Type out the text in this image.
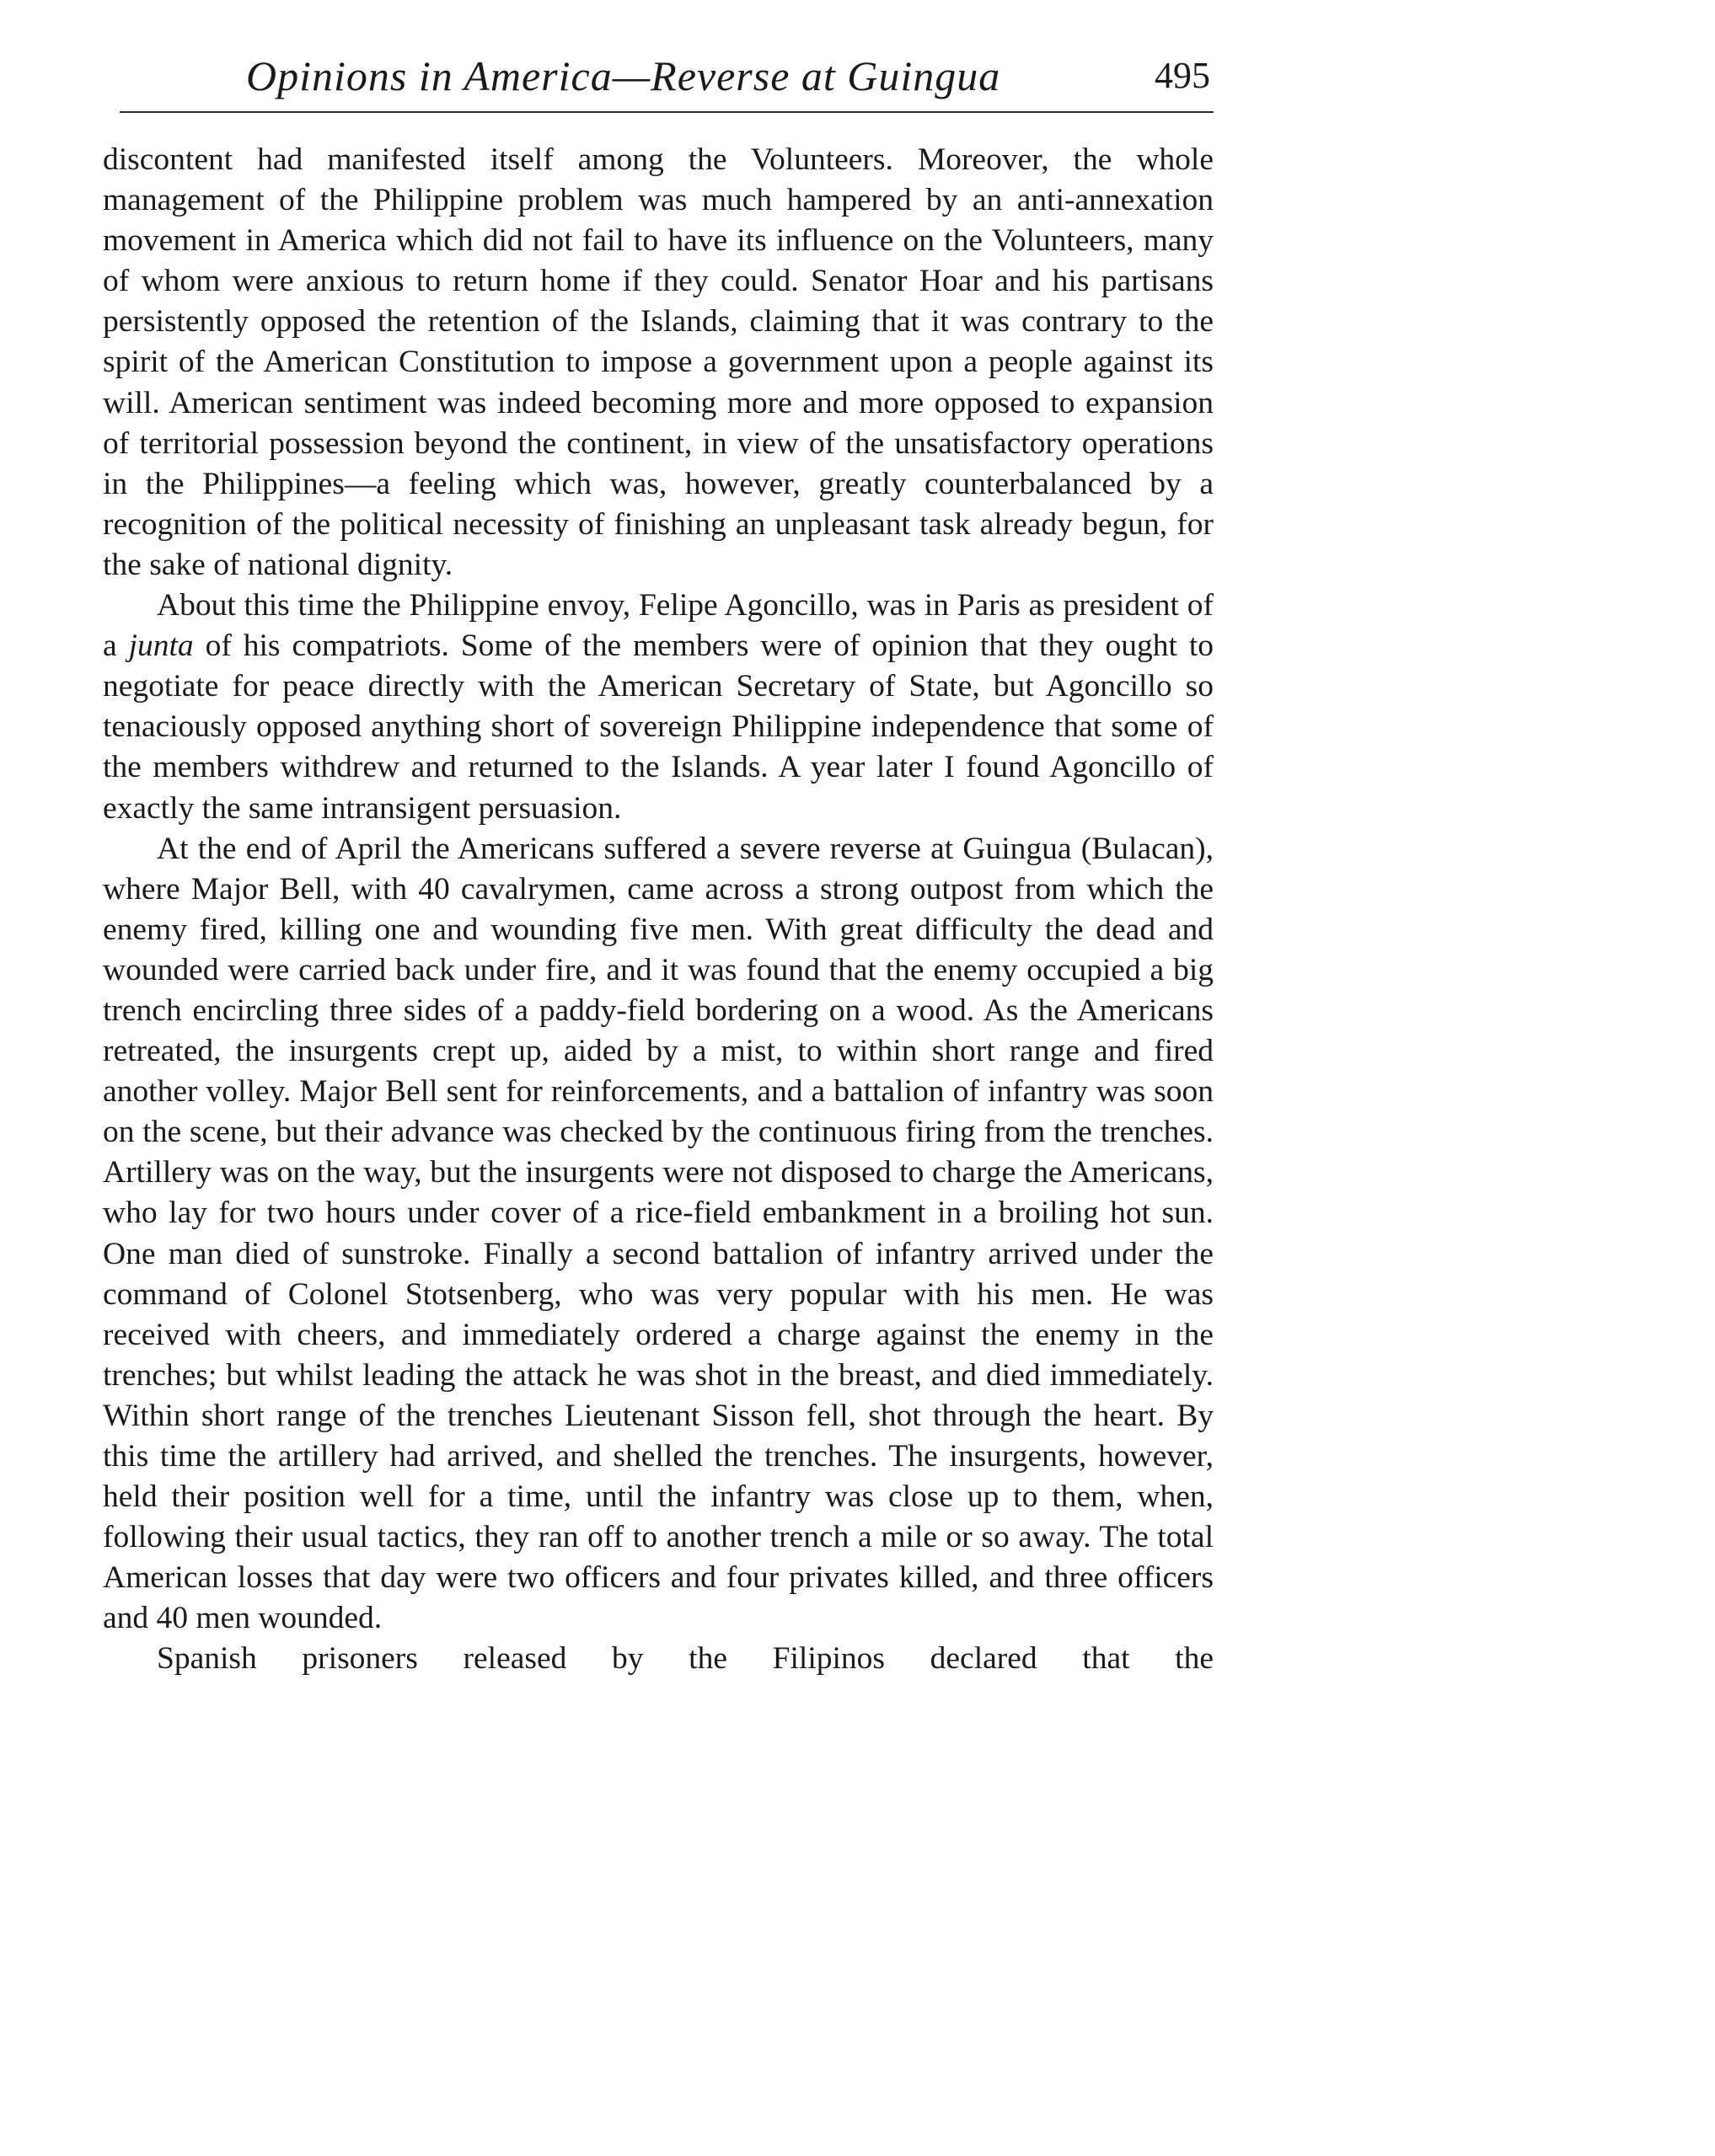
Opinions in America—Reverse at Guingua	495

discontent had manifested itself among the Volunteers. Moreover, the whole management of the Philippine problem was much hampered by an anti-annexation movement in America which did not fail to have its influence on the Volunteers, many of whom were anxious to return home if they could. Senator Hoar and his partisans persistently opposed the retention of the Islands, claiming that it was contrary to the spirit of the American Constitution to impose a government upon a people against its will. American sentiment was indeed becoming more and more opposed to expansion of territorial possession beyond the continent, in view of the unsatisfactory operations in the Philippines—a feeling which was, however, greatly counterbalanced by a recognition of the political necessity of finishing an unpleasant task already begun, for the sake of national dignity.

About this time the Philippine envoy, Felipe Agoncillo, was in Paris as president of a junta of his compatriots. Some of the members were of opinion that they ought to negotiate for peace directly with the American Secretary of State, but Agoncillo so tenaciously opposed anything short of sovereign Philippine independence that some of the members withdrew and returned to the Islands. A year later I found Agoncillo of exactly the same intransigent persuasion.

At the end of April the Americans suffered a severe reverse at Guingua (Bulacan), where Major Bell, with 40 cavalrymen, came across a strong outpost from which the enemy fired, killing one and wounding five men. With great difficulty the dead and wounded were carried back under fire, and it was found that the enemy occupied a big trench encircling three sides of a paddy-field bordering on a wood. As the Americans retreated, the insurgents crept up, aided by a mist, to within short range and fired another volley. Major Bell sent for reinforcements, and a battalion of infantry was soon on the scene, but their advance was checked by the continuous firing from the trenches. Artillery was on the way, but the insurgents were not disposed to charge the Americans, who lay for two hours under cover of a rice-field embankment in a broiling hot sun. One man died of sunstroke. Finally a second battalion of infantry arrived under the command of Colonel Stotsenberg, who was very popular with his men. He was received with cheers, and immediately ordered a charge against the enemy in the trenches; but whilst leading the attack he was shot in the breast, and died immediately. Within short range of the trenches Lieutenant Sisson fell, shot through the heart. By this time the artillery had arrived, and shelled the trenches. The insurgents, however, held their position well for a time, until the infantry was close up to them, when, following their usual tactics, they ran off to another trench a mile or so away. The total American losses that day were two officers and four privates killed, and three officers and 40 men wounded.

Spanish prisoners released by the Filipinos declared that the
